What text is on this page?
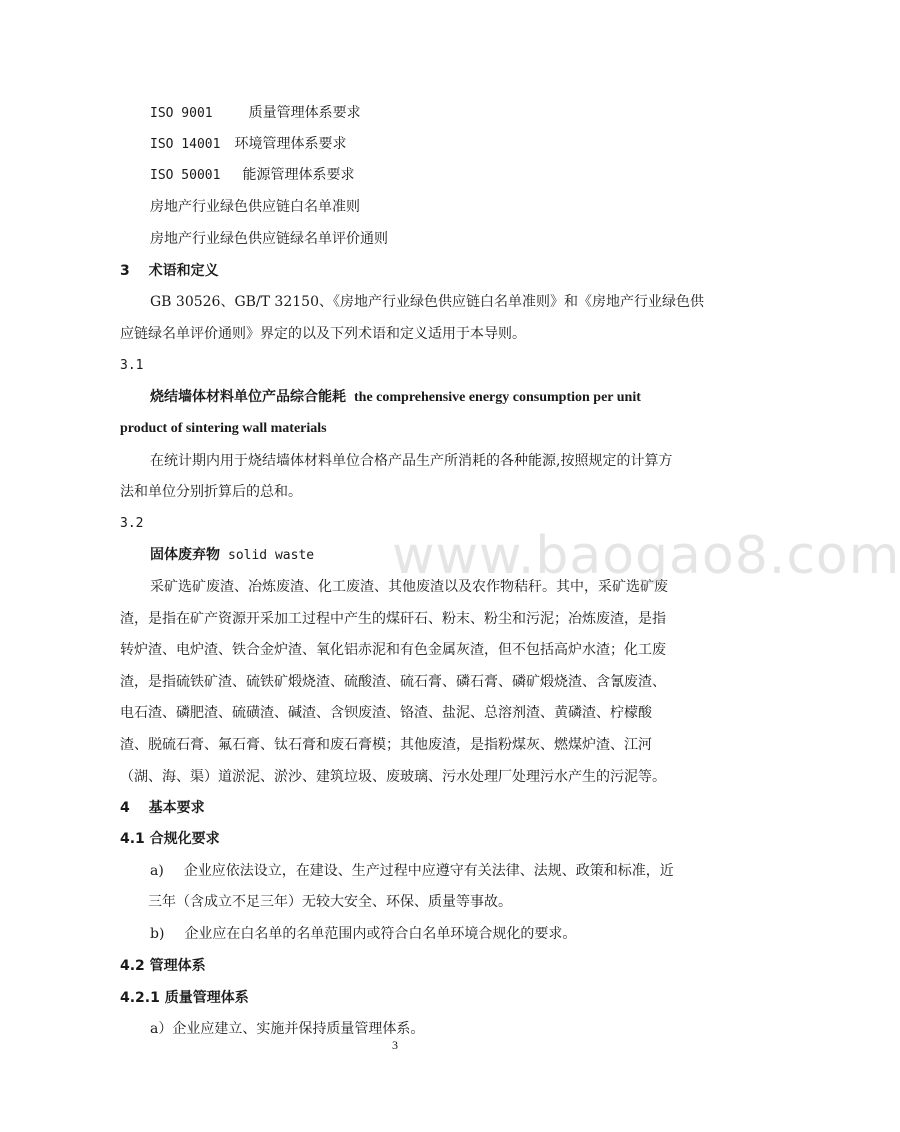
ISO 9001	质量管理体系要求
ISO 14001 环境管理体系要求
ISO 50001 能源管理体系要求
房地产行业绿色供应链白名单准则
房地产行业绿色供应链绿名单评价通则
3　 术语和定义
GB 30526、GB/T 32150、《房地产行业绿色供应链白名单准则》和《房地产行业绿色供
应链绿名单评价通则》界定的以及下列术语和定义适用于本导则。
3.1
烧结墙体材料单位产品综合能耗 the comprehensive energy consumption per unit
product of sintering wall materials
在统计期内用于烧结墙体材料单位合格产品生产所消耗的各种能源,按照规定的计算方
法和单位分别折算后的总和。
3.2
固体废弃物 solid waste
采矿选矿废渣、冶炼废渣、化工废渣、其他废渣以及农作物秸秆。其中，采矿选矿废
渣，是指在矿产资源开采加工过程中产生的煤矸石、粉末、粉尘和污泥；冶炼废渣，是指
转炉渣、电炉渣、铁合金炉渣、氧化铝赤泥和有色金属灰渣，但不包括高炉水渣；化工废
渣，是指硫铁矿渣、硫铁矿煅烧渣、硫酸渣、硫石膏、磷石膏、磷矿煅烧渣、含氰废渣、
电石渣、磷肥渣、硫磺渣、碱渣、含钡废渣、铬渣、盐泥、总溶剂渣、黄磷渣、柠檬酸
渣、脱硫石膏、氟石膏、钛石膏和废石膏模；其他废渣，是指粉煤灰、燃煤炉渣、江河
（湖、海、渠）道淤泥、淤沙、建筑垃圾、废玻璃、污水处理厂处理污水产生的污泥等。
4　 基本要求
4.1 合规化要求
a) 企业应依法设立，在建设、生产过程中应遵守有关法律、法规、政策和标准，近
三年（含成立不足三年）无较大安全、环保、质量等事故。
b) 企业应在白名单的名单范围内或符合白名单环境合规化的要求。
4.2 管理体系
4.2.1 质量管理体系
a）企业应建立、实施并保持质量管理体系。
www.baogao8.com
3
